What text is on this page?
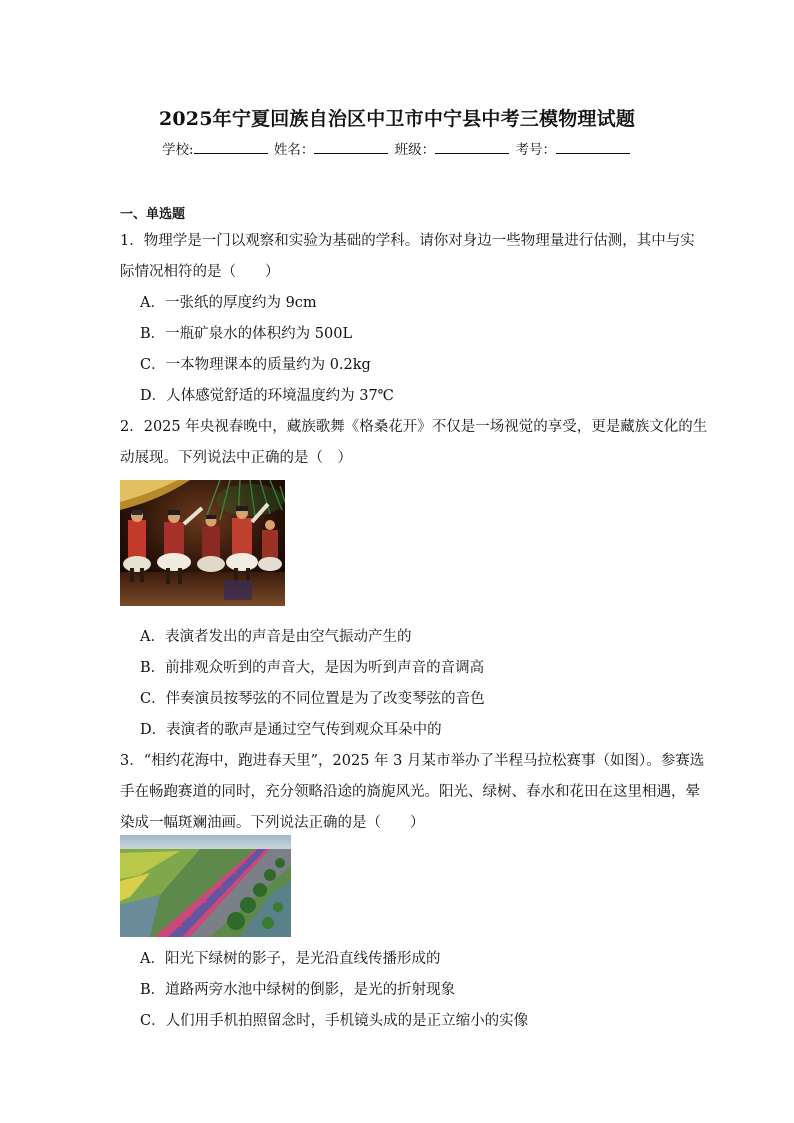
2025年宁夏回族自治区中卫市中宁县中考三模物理试题
学校:	姓名：	班级：	考号：
一、单选题
1．物理学是一门以观察和实验为基础的学科。请你对身边一些物理量进行估测，其中与实
际情况相符的是（　　）
A．一张纸的厚度约为 9cm
B．一瓶矿泉水的体积约为 500L
C．一本物理课本的质量约为 0.2kg
D．人体感觉舒适的环境温度约为 37℃
2．2025 年央视春晚中，藏族歌舞《格桑花开》不仅是一场视觉的享受，更是藏族文化的生
动展现。下列说法中正确的是（　）
A．表演者发出的声音是由空气振动产生的
B．前排观众听到的声音大，是因为听到声音的音调高
C．伴奏演员按琴弦的不同位置是为了改变琴弦的音色
D．表演者的歌声是通过空气传到观众耳朵中的
3．“相约花海中，跑进春天里”，2025 年 3 月某市举办了半程马拉松赛事（如图）。参赛选
手在畅跑赛道的同时，充分领略沿途的旖旎风光。阳光、绿树、春水和花田在这里相遇，晕
染成一幅斑斓油画。下列说法正确的是（　　）
A．阳光下绿树的影子，是光沿直线传播形成的
B．道路两旁水池中绿树的倒影，是光的折射现象
C．人们用手机拍照留念时，手机镜头成的是正立缩小的实像
